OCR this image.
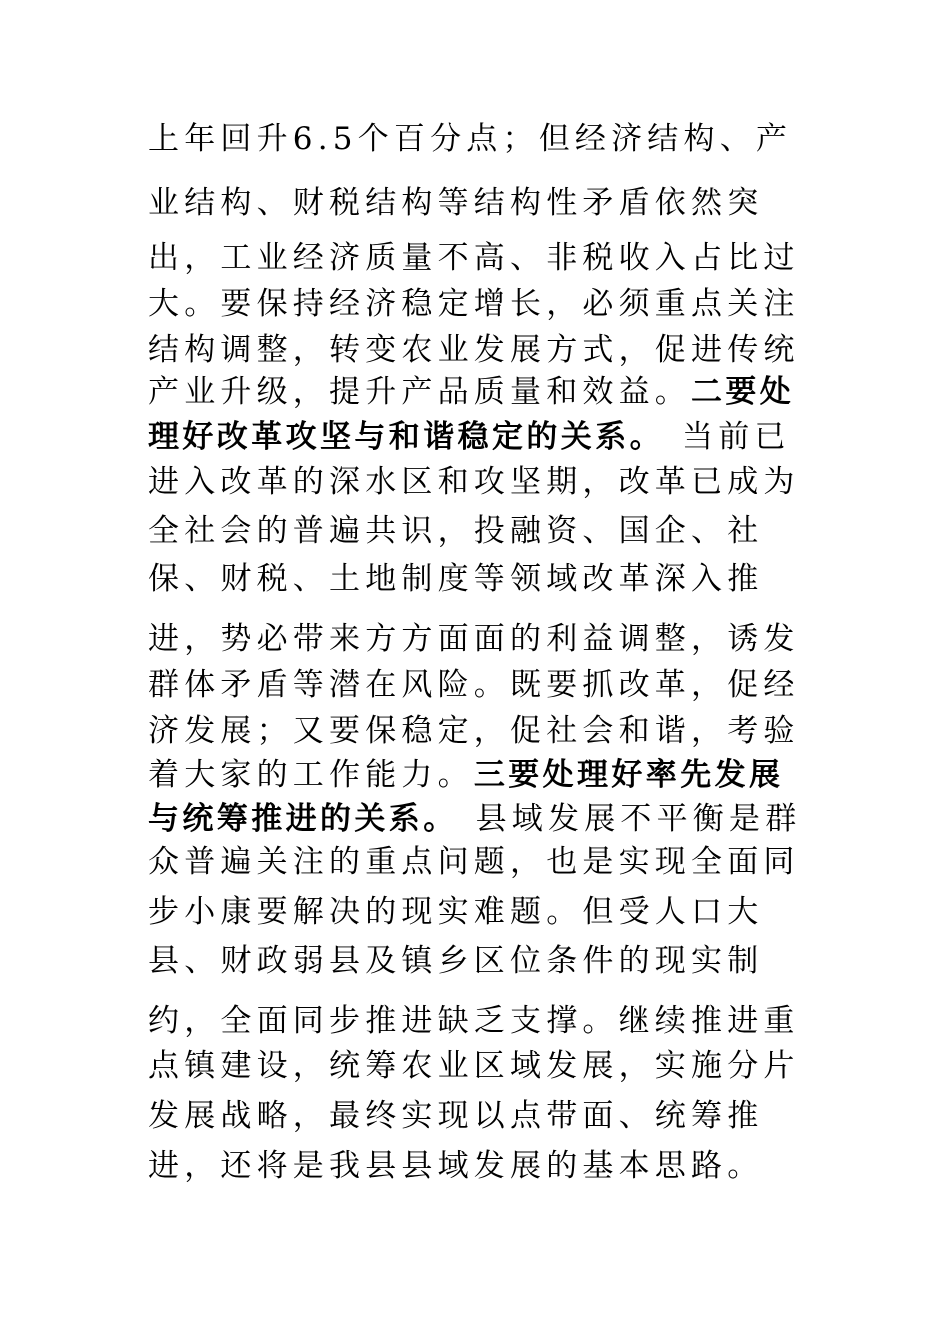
上年回升6.5个百分点；但经济结构、产
业结构、财税结构等结构性矛盾依然突
出，工业经济质量不高、非税收入占比过
大。要保持经济稳定增长，必须重点关注
结构调整，转变农业发展方式，促进传统
产业升级，提升产品质量和效益。二要处
理好改革攻坚与和谐稳定的关系。 当前已
进入改革的深水区和攻坚期，改革已成为
全社会的普遍共识，投融资、国企、社
保、财税、土地制度等领域改革深入推
进，势必带来方方面面的利益调整，诱发
群体矛盾等潜在风险。既要抓改革，促经
济发展；又要保稳定，促社会和谐，考验
着大家的工作能力。三要处理好率先发展
与统筹推进的关系。 县域发展不平衡是群
众普遍关注的重点问题，也是实现全面同
步小康要解决的现实难题。但受人口大
县、财政弱县及镇乡区位条件的现实制
约，全面同步推进缺乏支撑。继续推进重
点镇建设，统筹农业区域发展，实施分片
发展战略，最终实现以点带面、统筹推
进，还将是我县县域发展的基本思路。
